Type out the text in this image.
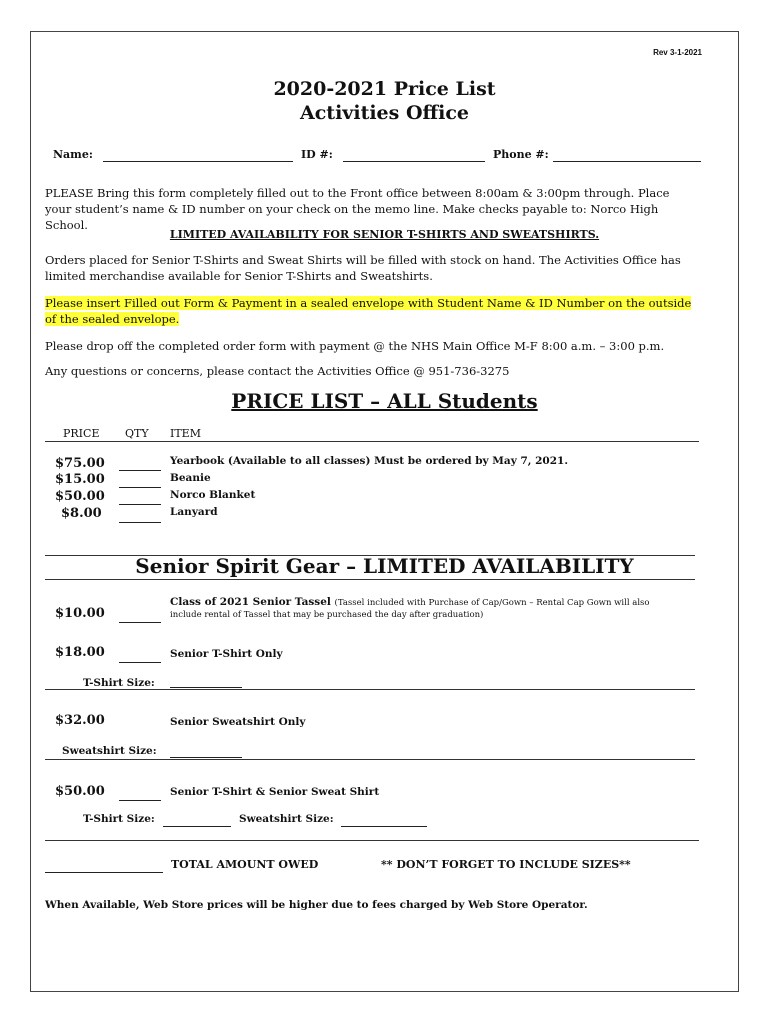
Rev 3-1-2021
2020-2021 Price List
Activities Office
Name:	ID #:	Phone #:
PLEASE Bring this form completely filled out to the Front office between 8:00am & 3:00pm through. Place your student’s name & ID number on your check on the memo line. Make checks payable to: Norco High School.
LIMITED AVAILABILITY FOR SENIOR T-SHIRTS AND SWEATSHIRTS.
Orders placed for Senior T-Shirts and Sweat Shirts will be filled with stock on hand. The Activities Office has limited merchandise available for Senior T-Shirts and Sweatshirts.
Please insert Filled out Form & Payment in a sealed envelope with Student Name & ID Number on the outside of the sealed envelope.
Please drop off the completed order form with payment @ the NHS Main Office M-F 8:00 a.m. – 3:00 p.m.
Any questions or concerns, please contact the Activities Office @ 951-736-3275
PRICE LIST – ALL Students
PRICE QTY ITEM
$75.00	Yearbook (Available to all classes) Must be ordered by May 7, 2021.
$15.00	Beanie
$50.00	Norco Blanket
$8.00	Lanyard
Senior Spirit Gear – LIMITED AVAILABILITY
$10.00
Class of 2021 Senior Tassel (Tassel included with Purchase of Cap/Gown – Rental Cap Gown will also
include rental of Tassel that may be purchased the day after graduation)
$18.00	Senior T-Shirt Only
T-Shirt Size:
$32.00	Senior Sweatshirt Only
Sweatshirt Size:
$50.00	Senior T-Shirt & Senior Sweat Shirt
T-Shirt Size:	Sweatshirt Size:
TOTAL AMOUNT OWED	** DON’T FORGET TO INCLUDE SIZES**
When Available, Web Store prices will be higher due to fees charged by Web Store Operator.
